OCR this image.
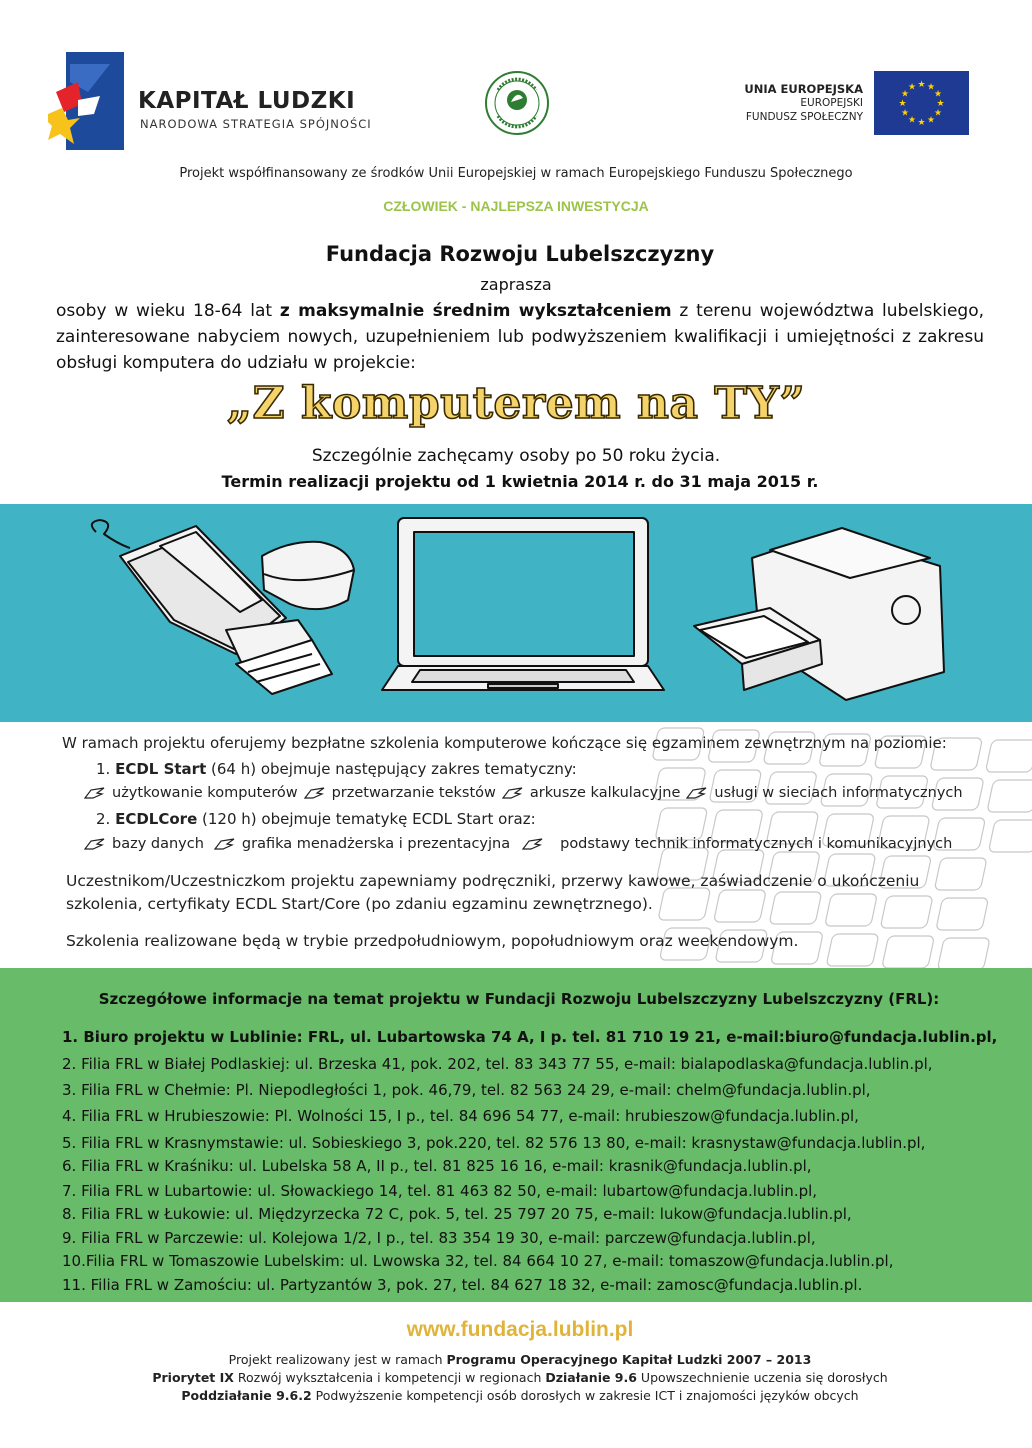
KAPITAŁ LUDZKI
NARODOWA STRATEGIA SPÓJNOŚCI
UNIA EUROPEJSKA
EUROPEJSKI
FUNDUSZ SPOŁECZNY
★
★
★
★
★
★
★
★
★ ★ ★
★
Projekt współfinansowany ze środków Unii Europejskiej w ramach Europejskiego Funduszu Społecznego
CZŁOWIEK - NAJLEPSZA INWESTYCJA
Fundacja Rozwoju Lubelszczyzny
zaprasza
osoby w wieku 18-64 lat z maksymalnie średnim wykształceniem z terenu województwa lubelskiego, zainteresowane nabyciem nowych, uzupełnieniem lub podwyższeniem kwalifikacji i umiejętności z zakresu obsługi komputera do udziału w projekcie:
„Z komputerem na TY”
Szczególnie zachęcamy osoby po 50 roku życia.
Termin realizacji projektu od 1 kwietnia 2014 r. do 31 maja 2015 r.
W ramach projektu oferujemy bezpłatne szkolenia komputerowe kończące się egzaminem zewnętrznym na poziomie:
1. ECDL Start (64 h) obejmuje następujący zakres tematyczny:
użytkowanie komputerów przetwarzanie tekstów arkusze kalkulacyjne usługi w sieciach informatycznych
2. ECDLCore (120 h) obejmuje tematykę ECDL Start oraz:
bazy danych	grafika menadżerska i prezentacyjna	podstawy technik informatycznych i komunikacyjnych
Uczestnikom/Uczestniczkom projektu zapewniamy podręczniki, przerwy kawowe, zaświadczenie o ukończeniu szkolenia, certyfikaty ECDL Start/Core (po zdaniu egzaminu zewnętrznego).
Szkolenia realizowane będą w trybie przedpołudniowym, popołudniowym oraz weekendowym.
Szczegółowe informacje na temat projektu w Fundacji Rozwoju Lubelszczyzny Lubelszczyzny (FRL):
1. Biuro projektu w Lublinie: FRL, ul. Lubartowska 74 A, I p. tel. 81 710 19 21, e-mail:biuro@fundacja.lublin.pl,
2. Filia FRL w Białej Podlaskiej: ul. Brzeska 41, pok. 202, tel. 83 343 77 55, e-mail: bialapodlaska@fundacja.lublin.pl,
3. Filia FRL w Chełmie: Pl. Niepodległości 1, pok. 46,79, tel. 82 563 24 29, e-mail: chelm@fundacja.lublin.pl,
4. Filia FRL w Hrubieszowie: Pl. Wolności 15, I p., tel. 84 696 54 77, e-mail: hrubieszow@fundacja.lublin.pl,
5. Filia FRL w Krasnymstawie: ul. Sobieskiego 3, pok.220, tel. 82 576 13 80, e-mail: krasnystaw@fundacja.lublin.pl,
6. Filia FRL w Kraśniku: ul. Lubelska 58 A, II p., tel. 81 825 16 16, e-mail: krasnik@fundacja.lublin.pl,
7. Filia FRL w Lubartowie: ul. Słowackiego 14, tel. 81 463 82 50, e-mail: lubartow@fundacja.lublin.pl,
8. Filia FRL w Łukowie: ul. Międzyrzecka 72 C, pok. 5, tel. 25 797 20 75, e-mail: lukow@fundacja.lublin.pl,
9. Filia FRL w Parczewie: ul. Kolejowa 1/2, I p., tel. 83 354 19 30, e-mail: parczew@fundacja.lublin.pl,
10.Filia FRL w Tomaszowie Lubelskim: ul. Lwowska 32, tel. 84 664 10 27, e-mail: tomaszow@fundacja.lublin.pl,
11. Filia FRL w Zamościu: ul. Partyzantów 3, pok. 27, tel. 84 627 18 32, e-mail: zamosc@fundacja.lublin.pl.
www.fundacja.lublin.pl
Projekt realizowany jest w ramach Programu Operacyjnego Kapitał Ludzki 2007 – 2013
Priorytet IX Rozwój wykształcenia i kompetencji w regionach Działanie 9.6 Upowszechnienie uczenia się dorosłych
Poddziałanie 9.6.2 Podwyższenie kompetencji osób dorosłych w zakresie ICT i znajomości języków obcych
